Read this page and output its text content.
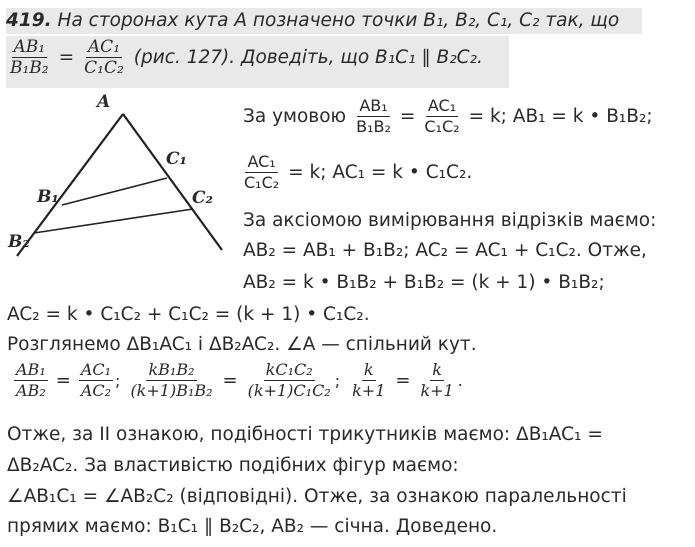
419. На сторонах кута A позначено точки B₁, B₂, C₁, C₂ так, що
$\frac{\text{AB₁}}{\text{B₁B₂}} = \frac{\text{AC₁}}{\text{C₁C₂}} (рис$. 127). Доведіть, що B₁C₁ ∥ B₂C₂.
A
B₁
B₂
C₁
C₂
За умовою $\frac{\text{AB₁}}{\text{B₁B₂}} = \frac{\text{AC₁}}{\text{C₁C₂}} = k$; AB₁ = k • B₁B₂;
$\frac{\text{AC₁}}{\text{C₁C₂}} = k$; AC₁ = k • C₁C₂.
За аксіомою вимірювання відрізків маємо:
AB₂ = AB₁ + B₁B₂; AC₂ = AC₁ + C₁C₂. Отже,
AB₂ = k • B₁B₂ + B₁B₂ = (k + 1) • B₁B₂;
AC₂ = k • C₁C₂ + C₁C₂ = (k + 1) • C₁C₂.
Розглянемо ΔB₁AC₁ і ΔB₂AC₂. ∠A — спільний кут.
$\frac{\text{AB₁}}{\text{AB₂}} = \frac{\text{AC₁}}{\text{AC₂}}$ ; $\frac{\text{kB₁B₂}}{\text{(k+1)B₁B₂}} = \frac{\text{kC₁C₂}}{\text{(k+1)C₁C₂}}$ ; $\frac{k}{k+1} = \frac{k}{k+1}$ .
Отже, за II ознакою, подібності трикутників маємо: ΔB₁AC₁ =
ΔB₂AC₂. За властивістю подібних фігур маємо:
∠AB₁C₁ = ∠AB₂C₂ (відповідні). Отже, за ознакою паралельності
прямих маємо: B₁C₁ ∥ B₂C₂, AB₂ — січна. Доведено.
